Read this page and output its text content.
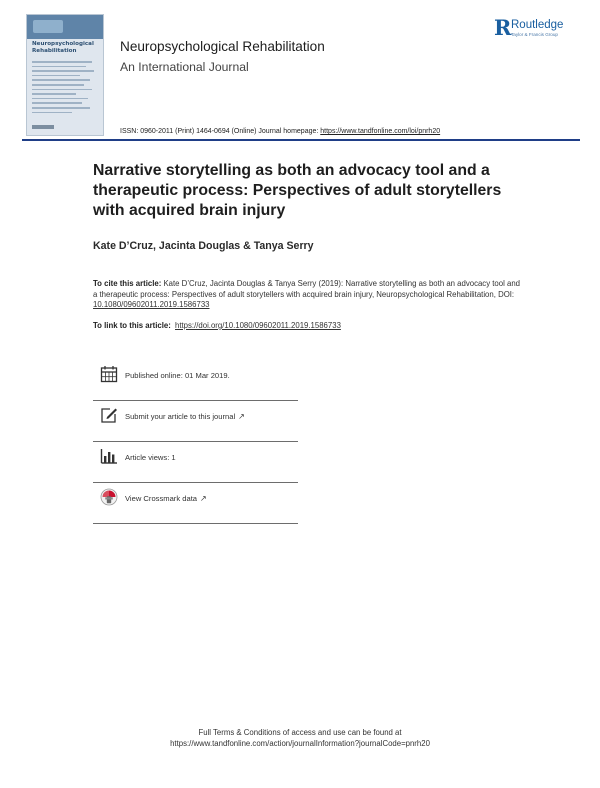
Neuropsychological Rehabilitation
R Routledge
Taylor & Francis Group
Neuropsychological Rehabilitation
An International Journal
ISSN: 0960-2011 (Print) 1464-0694 (Online) Journal homepage: https://www.tandfonline.com/loi/pnrh20
Narrative storytelling as both an advocacy tool and a therapeutic process: Perspectives of adult storytellers with acquired brain injury
Kate D’Cruz, Jacinta Douglas & Tanya Serry
To cite this article: Kate D’Cruz, Jacinta Douglas & Tanya Serry (2019): Narrative storytelling as both an advocacy tool and a therapeutic process: Perspectives of adult storytellers with acquired brain injury, Neuropsychological Rehabilitation, DOI: 10.1080/09602011.2019.1586733
To link to this article: https://doi.org/10.1080/09602011.2019.1586733
Published online: 01 Mar 2019.
Submit your article to this journal ↗
Article views: 1
View Crossmark data ↗
Full Terms & Conditions of access and use can be found at
https://www.tandfonline.com/action/journalInformation?journalCode=pnrh20
